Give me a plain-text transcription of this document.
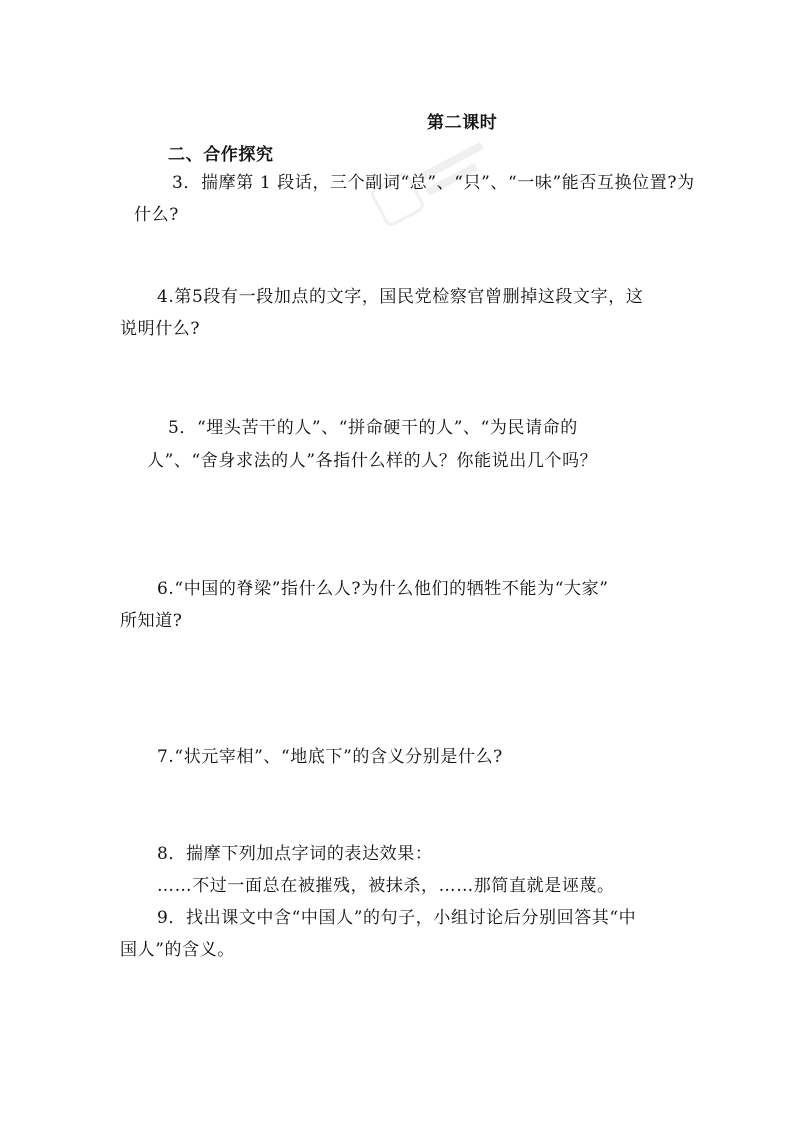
第二课时
二、合作探究
3．揣摩第 1 段话，三个副词“总”、“只”、“一味”能否互换位置?为
什么?
4.第5段有一段加点的文字，国民党检察官曾删掉这段文字，这
说明什么?
5．“埋头苦干的人”、“拼命硬干的人”、“为民请命的
人”、“舍身求法的人”各指什么样的人？你能说出几个吗？
6.“中国的脊梁”指什么人?为什么他们的牺牲不能为“大家”
所知道?
7.“状元宰相”、“地底下”的含义分别是什么?
8．揣摩下列加点字词的表达效果：
……不过一面总在被摧残，被抹杀，……那简直就是诬蔑。
9．找出课文中含“中国人”的句子，小组讨论后分别回答其“中
国人”的含义。
